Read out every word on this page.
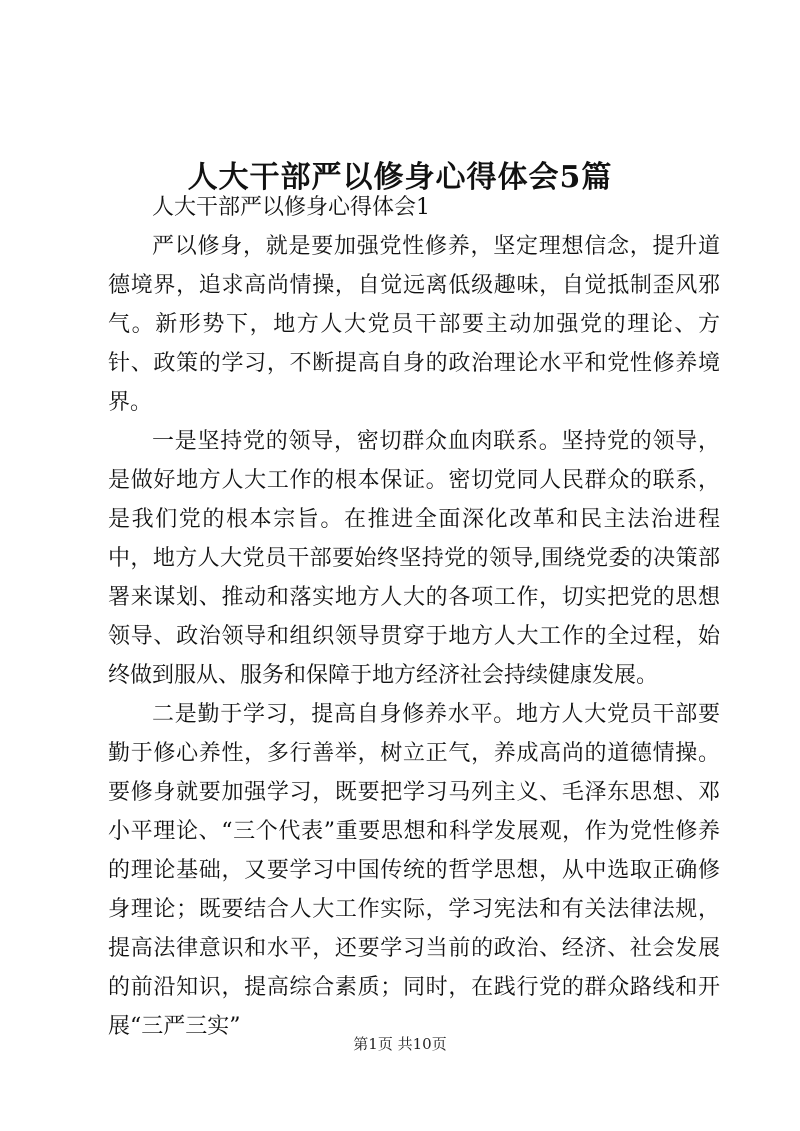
人大干部严以修身心得体会5篇

人大干部严以修身心得体会1

严以修身，就是要加强党性修养，坚定理想信念，提升道德境界，追求高尚情操，自觉远离低级趣味，自觉抵制歪风邪气。新形势下，地方人大党员干部要主动加强党的理论、方针、政策的学习，不断提高自身的政治理论水平和党性修养境界。

一是坚持党的领导，密切群众血肉联系。坚持党的领导，是做好地方人大工作的根本保证。密切党同人民群众的联系，是我们党的根本宗旨。在推进全面深化改革和民主法治进程中，地方人大党员干部要始终坚持党的领导,围绕党委的决策部署来谋划、推动和落实地方人大的各项工作，切实把党的思想领导、政治领导和组织领导贯穿于地方人大工作的全过程，始终做到服从、服务和保障于地方经济社会持续健康发展。

二是勤于学习，提高自身修养水平。地方人大党员干部要勤于修心养性，多行善举，树立正气，养成高尚的道德情操。要修身就要加强学习，既要把学习马列主义、毛泽东思想、邓小平理论、“三个代表”重要思想和科学发展观，作为党性修养的理论基础，又要学习中国传统的哲学思想，从中选取正确修身理论；既要结合人大工作实际，学习宪法和有关法律法规，提高法律意识和水平，还要学习当前的政治、经济、社会发展的前沿知识，提高综合素质；同时，在践行党的群众路线和开展“三严三实”

第1页 共10页
